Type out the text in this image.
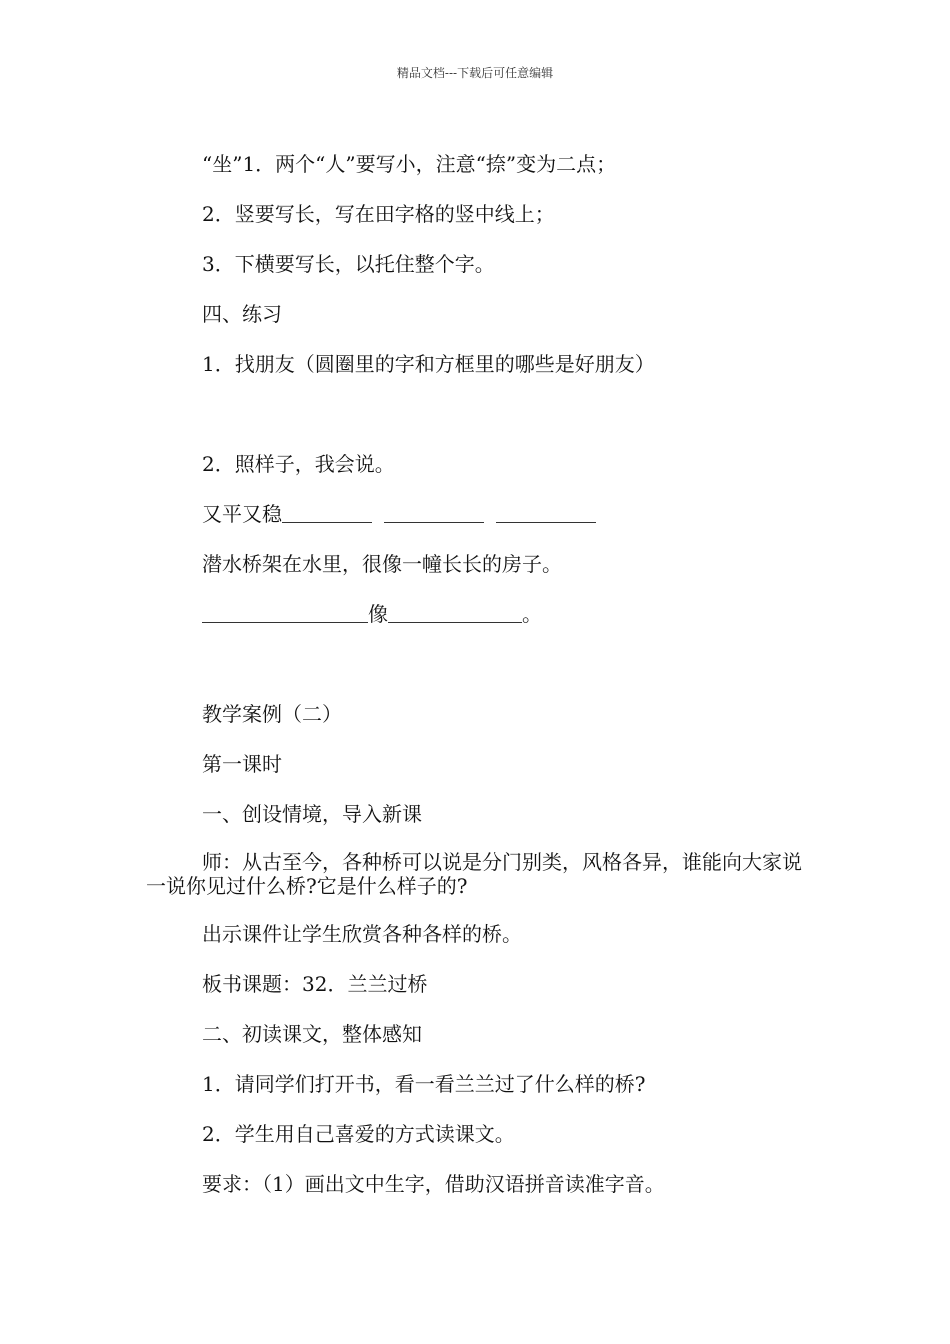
精品文档---下载后可任意编辑

“坐”1．两个“人”要写小，注意“捺”变为二点；

2．竖要写长，写在田字格的竖中线上；

3．下横要写长，以托住整个字。

四、练习

1．找朋友（圆圈里的字和方框里的哪些是好朋友）

2．照样子，我会说。

又平又稳

潜水桥架在水里，很像一幢长长的房子。

像	。

教学案例（二）

第一课时

一、创设情境，导入新课

师：从古至今，各种桥可以说是分门别类，风格各异，谁能向大家说一说你见过什么桥?它是什么样子的?

出示课件让学生欣赏各种各样的桥。

板书课题：32．兰兰过桥

二、初读课文，整体感知

1．请同学们打开书，看一看兰兰过了什么样的桥?

2．学生用自己喜爱的方式读课文。

要求：（1）画出文中生字，借助汉语拼音读准字音。
